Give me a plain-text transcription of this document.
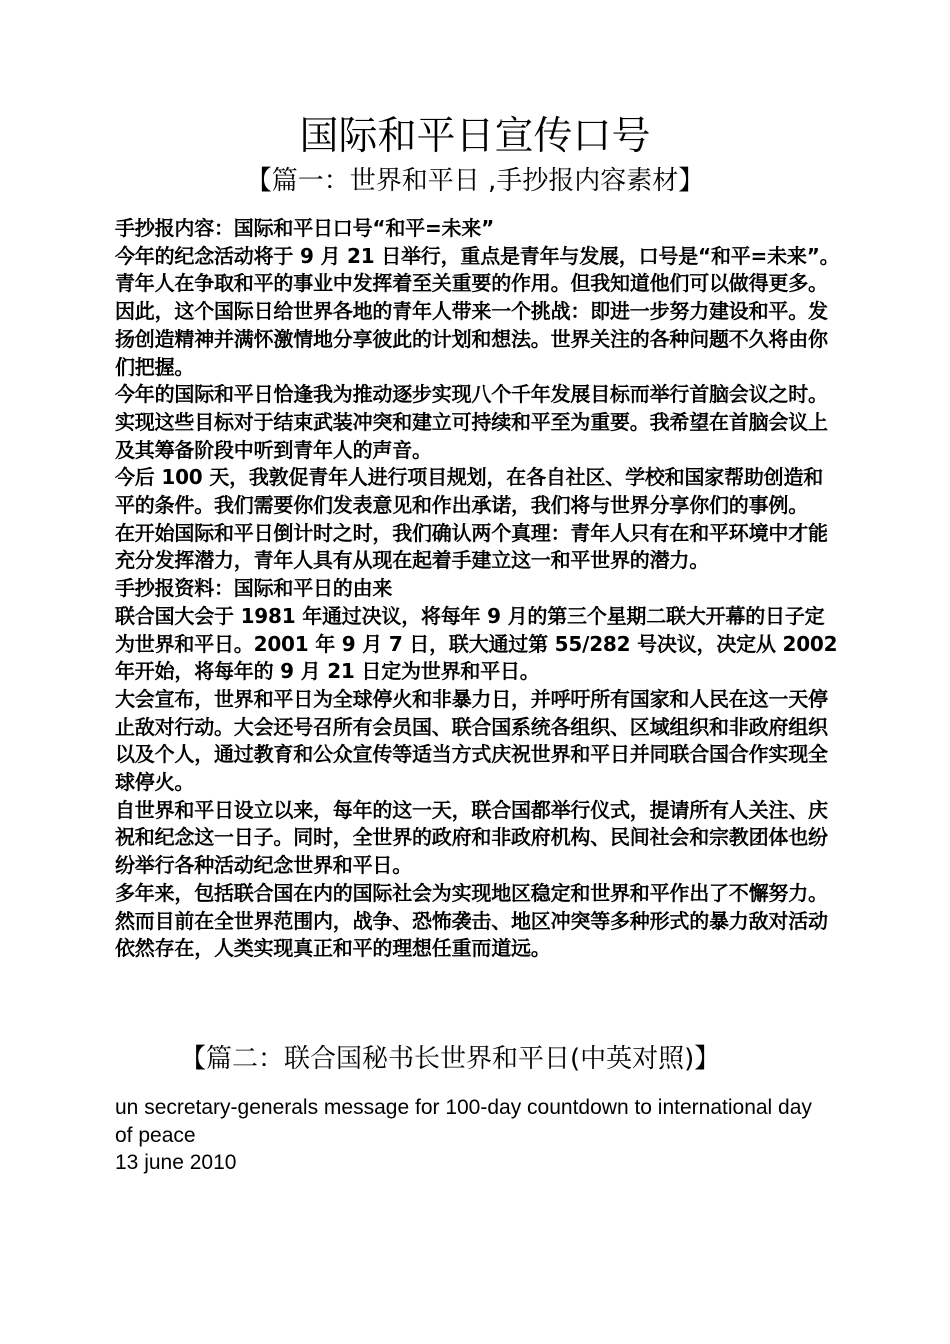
国际和平日宣传口号
【篇一：世界和平日 ,手抄报内容素材】

手抄报内容：国际和平日口号“和平=未来”

今年的纪念活动将于 9 月 21 日举行，重点是青年与发展，口号是“和平=未来”。 青年人在争取和平的事业中发挥着至关重要的作用。但我知道他们可以做得更多。因此，这个国际日给世界各地的青年人带来一个挑战：即进一步努力建设和平。发扬创造精神并满怀激情地分享彼此的计划和想法。世界关注的各种问题不久将由你们把握。

今年的国际和平日恰逢我为推动逐步实现八个千年发展目标而举行首脑会议之时。实现这些目标对于结束武装冲突和建立可持续和平至为重要。我希望在首脑会议上及其筹备阶段中听到青年人的声音。

今后 100 天，我敦促青年人进行项目规划，在各自社区、学校和国家帮助创造和平的条件。我们需要你们发表意见和作出承诺，我们将与世界分享你们的事例。

在开始国际和平日倒计时之时，我们确认两个真理：青年人只有在和平环境中才能充分发挥潜力，青年人具有从现在起着手建立这一和平世界的潜力。

手抄报资料：国际和平日的由来

联合国大会于 1981 年通过决议，将每年 9 月的第三个星期二联大开幕的日子定为世界和平日。2001 年 9 月 7 日，联大通过第 55/282 号决议，决定从 2002 年开始，将每年的 9 月 21 日定为世界和平日。

大会宣布，世界和平日为全球停火和非暴力日，并呼吁所有国家和人民在这一天停止敌对行动。大会还号召所有会员国、联合国系统各组织、区域组织和非政府组织以及个人，通过教育和公众宣传等适当方式庆祝世界和平日并同联合国合作实现全球停火。

自世界和平日设立以来，每年的这一天，联合国都举行仪式，提请所有人关注、庆祝和纪念这一日子。同时，全世界的政府和非政府机构、民间社会和宗教团体也纷纷举行各种活动纪念世界和平日。

多年来，包括联合国在内的国际社会为实现地区稳定和世界和平作出了不懈努力。然而目前在全世界范围内，战争、恐怖袭击、地区冲突等多种形式的暴力敌对活动依然存在，人类实现真正和平的理想任重而道远。

【篇二：联合国秘书长世界和平日(中英对照)】

un secretary-generals message for 100-day countdown to international day

of peace

13 june 2010
